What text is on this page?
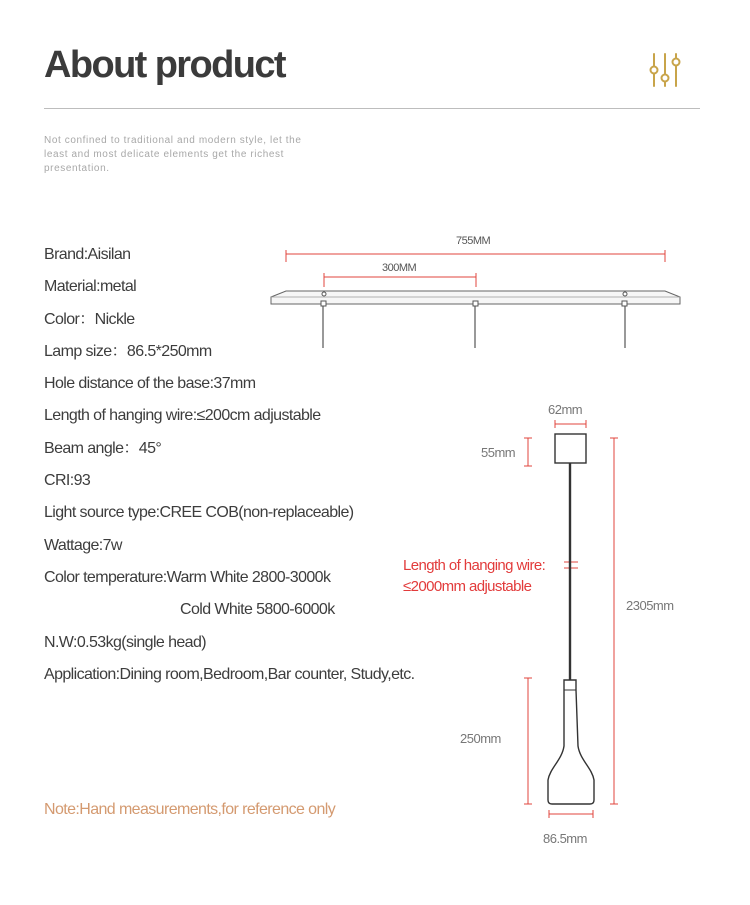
About product
Not confined to traditional and modern style, let the least and most delicate elements get the richest presentation.
Brand:Aisilan
Material:metal
Color：Nickle
Lamp size：86.5*250mm
Hole distance of the base:37mm
Length of hanging wire:≤200cm adjustable
Beam angle：45°
CRI:93
Light source type:CREE COB(non-replaceable)
Wattage:7w
Color temperature:Warm White 2800-3000k
Cold White 5800-6000k
N.W:0.53kg(single head)
Application:Dining room,Bedroom,Bar counter, Study,etc.
Note:Hand measurements,for reference only
755MM
300MM
62mm
55mm
Length of hanging wire:
≤2000mm adjustable
2305mm
250mm
86.5mm
